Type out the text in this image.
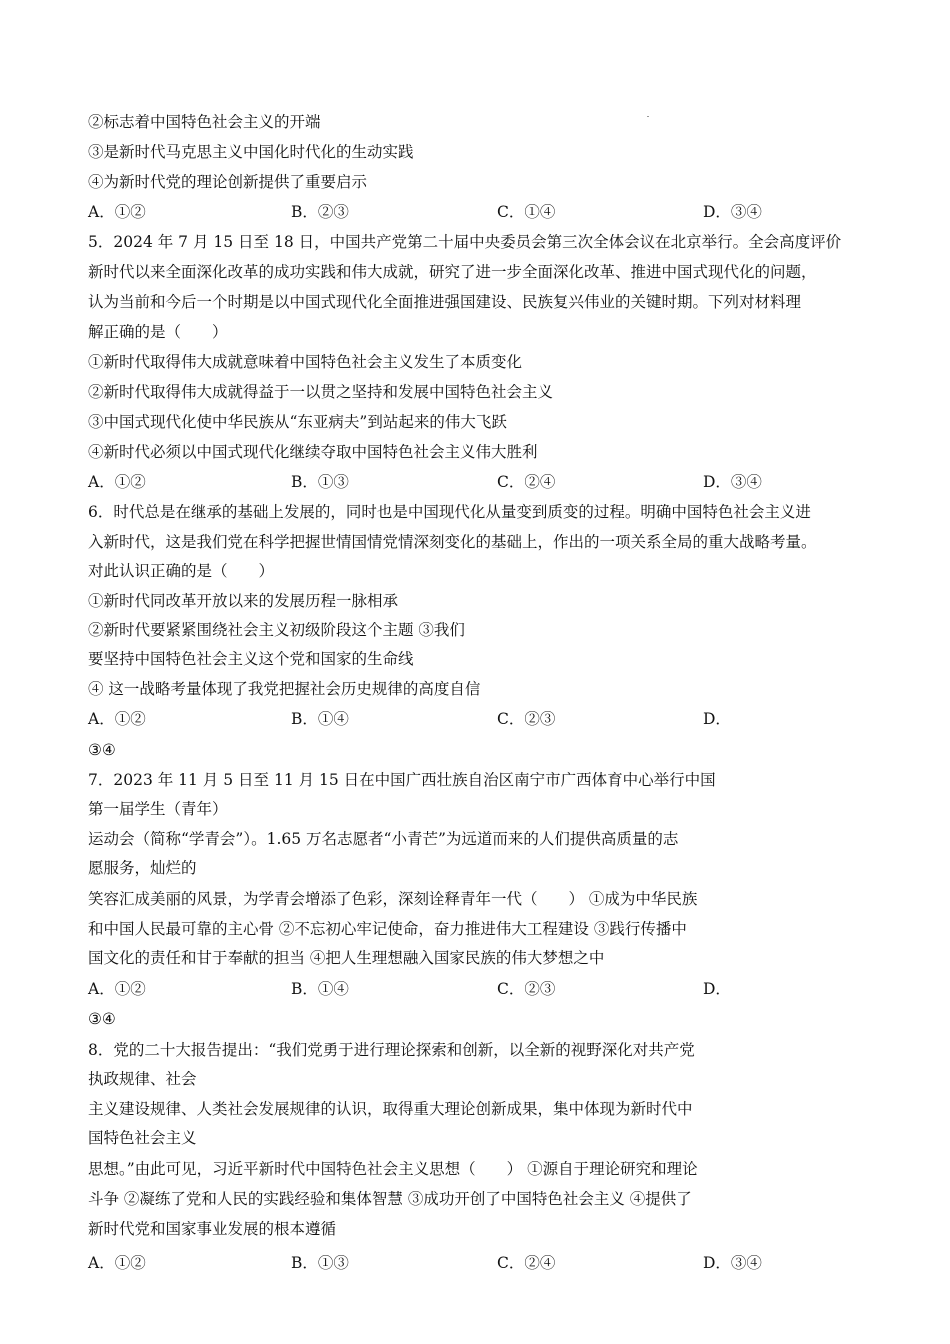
②标志着中国特色社会主义的开端
③是新时代马克思主义中国化时代化的生动实践
④为新时代党的理论创新提供了重要启示
A．①②	B．②③	C．①④	D．③④
5．2024 年 7 月 15 日至 18 日，中国共产党第二十届中央委员会第三次全体会议在北京举行。全会高度评价
新时代以来全面深化改革的成功实践和伟大成就，研究了进一步全面深化改革、推进中国式现代化的问题，
认为当前和今后一个时期是以中国式现代化全面推进强国建设、民族复兴伟业的关键时期。下列对材料理
解正确的是（　　）
①新时代取得伟大成就意味着中国特色社会主义发生了本质变化
②新时代取得伟大成就得益于一以贯之坚持和发展中国特色社会主义
③中国式现代化使中华民族从“东亚病夫”到站起来的伟大飞跃
④新时代必须以中国式现代化继续夺取中国特色社会主义伟大胜利
A．①②	B．①③	C．②④	D．③④
6．时代总是在继承的基础上发展的，同时也是中国现代化从量变到质变的过程。明确中国特色社会主义进
入新时代，这是我们党在科学把握世情国情党情深刻变化的基础上，作出的一项关系全局的重大战略考量。
对此认识正确的是（　　）
①新时代同改革开放以来的发展历程一脉相承
②新时代要紧紧围绕社会主义初级阶段这个主题 ③我们
要坚持中国特色社会主义这个党和国家的生命线
④ 这一战略考量体现了我党把握社会历史规律的高度自信
A．①②	B．①④	C．②③	D．
③④
7．2023 年 11 月 5 日至 11 月 15 日在中国广西壮族自治区南宁市广西体育中心举行中国
第一届学生（青年）
运动会（简称“学青会”）。1.65 万名志愿者“小青芒”为远道而来的人们提供高质量的志
愿服务，灿烂的
笑容汇成美丽的风景，为学青会增添了色彩，深刻诠释青年一代（　　） ①成为中华民族
和中国人民最可靠的主心骨 ②不忘初心牢记使命，奋力推进伟大工程建设 ③践行传播中
国文化的责任和甘于奉献的担当 ④把人生理想融入国家民族的伟大梦想之中
A．①②	B．①④	C．②③	D．
③④
8．党的二十大报告提出：“我们党勇于进行理论探索和创新，以全新的视野深化对共产党
执政规律、社会
主义建设规律、人类社会发展规律的认识，取得重大理论创新成果，集中体现为新时代中
国特色社会主义
思想。”由此可见，习近平新时代中国特色社会主义思想（　　） ①源自于理论研究和理论
斗争 ②凝练了党和人民的实践经验和集体智慧 ③成功开创了中国特色社会主义 ④提供了
新时代党和国家事业发展的根本遵循
A．①②	B．①③	C．②④	D．③④
